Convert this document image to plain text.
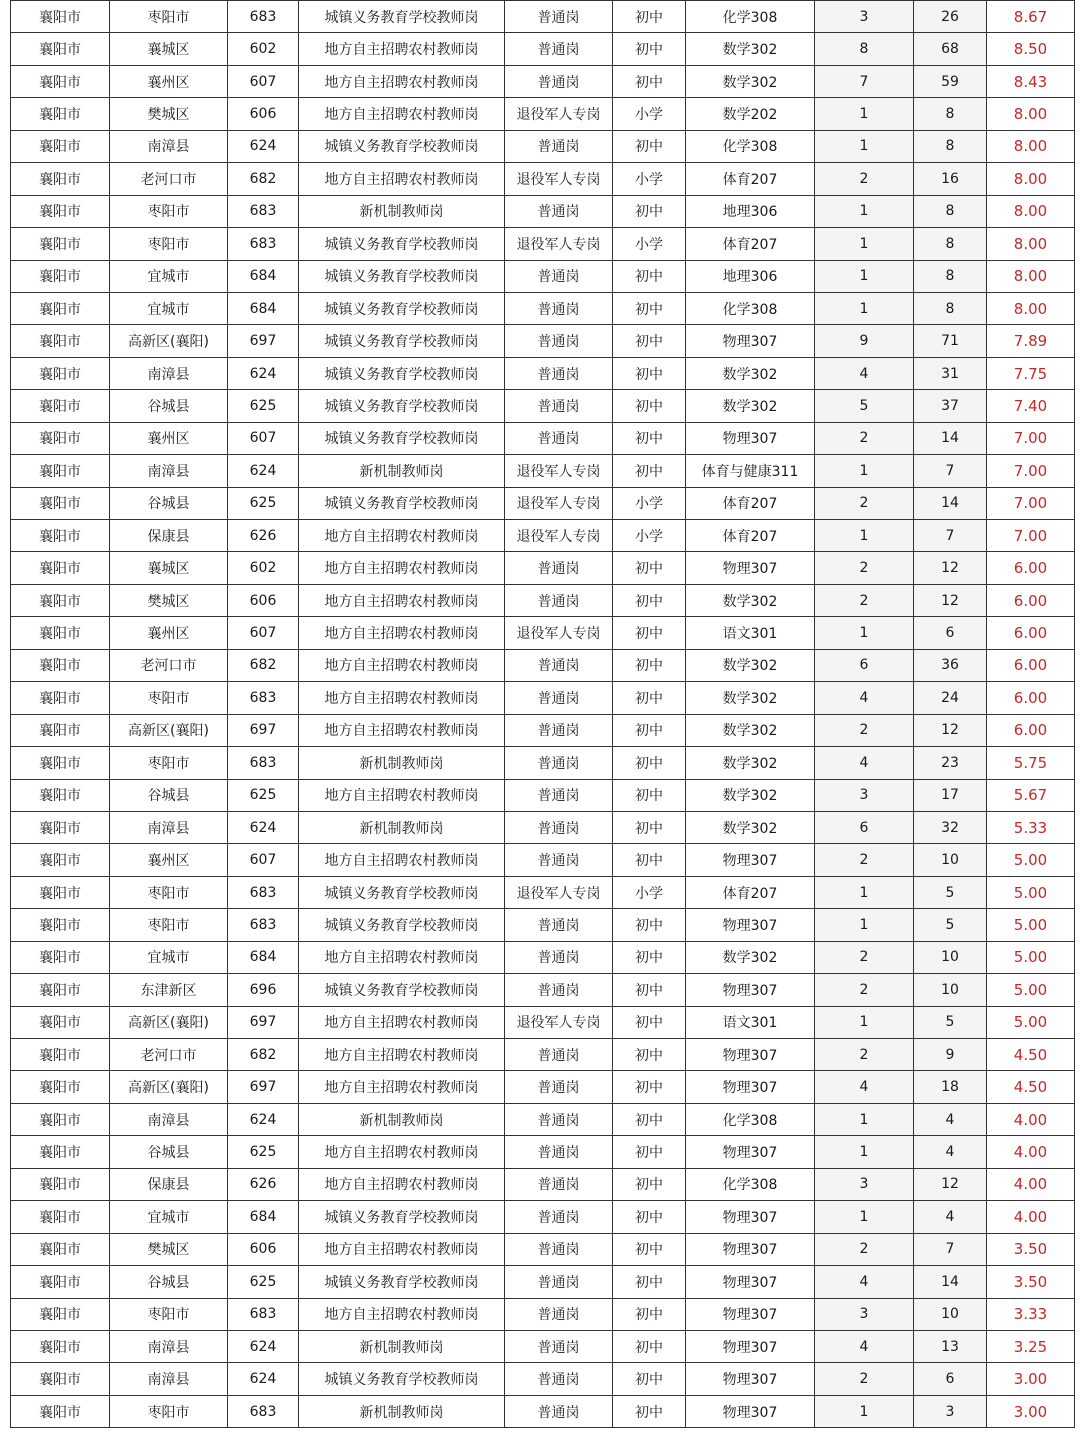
襄阳市	枣阳市	683	城镇义务教育学校教师岗	普通岗	初中	化学308	3	26	8.67
襄阳市	襄城区	602	地方自主招聘农村教师岗	普通岗	初中	数学302	8	68	8.50
襄阳市	襄州区	607	地方自主招聘农村教师岗	普通岗	初中	数学302	7	59	8.43
襄阳市	樊城区	606	地方自主招聘农村教师岗	退役军人专岗	小学	数学202	1	8	8.00
襄阳市	南漳县	624	城镇义务教育学校教师岗	普通岗	初中	化学308	1	8	8.00
襄阳市	老河口市	682	地方自主招聘农村教师岗	退役军人专岗	小学	体育207	2	16	8.00
襄阳市	枣阳市	683	新机制教师岗	普通岗	初中	地理306	1	8	8.00
襄阳市	枣阳市	683	城镇义务教育学校教师岗	退役军人专岗	小学	体育207	1	8	8.00
襄阳市	宜城市	684	城镇义务教育学校教师岗	普通岗	初中	地理306	1	8	8.00
襄阳市	宜城市	684	城镇义务教育学校教师岗	普通岗	初中	化学308	1	8	8.00
襄阳市	高新区(襄阳)	697	城镇义务教育学校教师岗	普通岗	初中	物理307	9	71	7.89
襄阳市	南漳县	624	城镇义务教育学校教师岗	普通岗	初中	数学302	4	31	7.75
襄阳市	谷城县	625	城镇义务教育学校教师岗	普通岗	初中	数学302	5	37	7.40
襄阳市	襄州区	607	城镇义务教育学校教师岗	普通岗	初中	物理307	2	14	7.00
襄阳市	南漳县	624	新机制教师岗	退役军人专岗	初中	体育与健康311	1	7	7.00
襄阳市	谷城县	625	城镇义务教育学校教师岗	退役军人专岗	小学	体育207	2	14	7.00
襄阳市	保康县	626	地方自主招聘农村教师岗	退役军人专岗	小学	体育207	1	7	7.00
襄阳市	襄城区	602	地方自主招聘农村教师岗	普通岗	初中	物理307	2	12	6.00
襄阳市	樊城区	606	地方自主招聘农村教师岗	普通岗	初中	数学302	2	12	6.00
襄阳市	襄州区	607	地方自主招聘农村教师岗	退役军人专岗	初中	语文301	1	6	6.00
襄阳市	老河口市	682	地方自主招聘农村教师岗	普通岗	初中	数学302	6	36	6.00
襄阳市	枣阳市	683	地方自主招聘农村教师岗	普通岗	初中	数学302	4	24	6.00
襄阳市	高新区(襄阳)	697	地方自主招聘农村教师岗	普通岗	初中	数学302	2	12	6.00
襄阳市	枣阳市	683	新机制教师岗	普通岗	初中	数学302	4	23	5.75
襄阳市	谷城县	625	地方自主招聘农村教师岗	普通岗	初中	数学302	3	17	5.67
襄阳市	南漳县	624	新机制教师岗	普通岗	初中	数学302	6	32	5.33
襄阳市	襄州区	607	地方自主招聘农村教师岗	普通岗	初中	物理307	2	10	5.00
襄阳市	枣阳市	683	城镇义务教育学校教师岗	退役军人专岗	小学	体育207	1	5	5.00
襄阳市	枣阳市	683	城镇义务教育学校教师岗	普通岗	初中	物理307	1	5	5.00
襄阳市	宜城市	684	地方自主招聘农村教师岗	普通岗	初中	数学302	2	10	5.00
襄阳市	东津新区	696	城镇义务教育学校教师岗	普通岗	初中	物理307	2	10	5.00
襄阳市	高新区(襄阳)	697	地方自主招聘农村教师岗	退役军人专岗	初中	语文301	1	5	5.00
襄阳市	老河口市	682	地方自主招聘农村教师岗	普通岗	初中	物理307	2	9	4.50
襄阳市	高新区(襄阳)	697	地方自主招聘农村教师岗	普通岗	初中	物理307	4	18	4.50
襄阳市	南漳县	624	新机制教师岗	普通岗	初中	化学308	1	4	4.00
襄阳市	谷城县	625	地方自主招聘农村教师岗	普通岗	初中	物理307	1	4	4.00
襄阳市	保康县	626	地方自主招聘农村教师岗	普通岗	初中	化学308	3	12	4.00
襄阳市	宜城市	684	城镇义务教育学校教师岗	普通岗	初中	物理307	1	4	4.00
襄阳市	樊城区	606	地方自主招聘农村教师岗	普通岗	初中	物理307	2	7	3.50
襄阳市	谷城县	625	城镇义务教育学校教师岗	普通岗	初中	物理307	4	14	3.50
襄阳市	枣阳市	683	地方自主招聘农村教师岗	普通岗	初中	物理307	3	10	3.33
襄阳市	南漳县	624	新机制教师岗	普通岗	初中	物理307	4	13	3.25
襄阳市	南漳县	624	城镇义务教育学校教师岗	普通岗	初中	物理307	2	6	3.00
襄阳市	枣阳市	683	新机制教师岗	普通岗	初中	物理307	1	3	3.00
